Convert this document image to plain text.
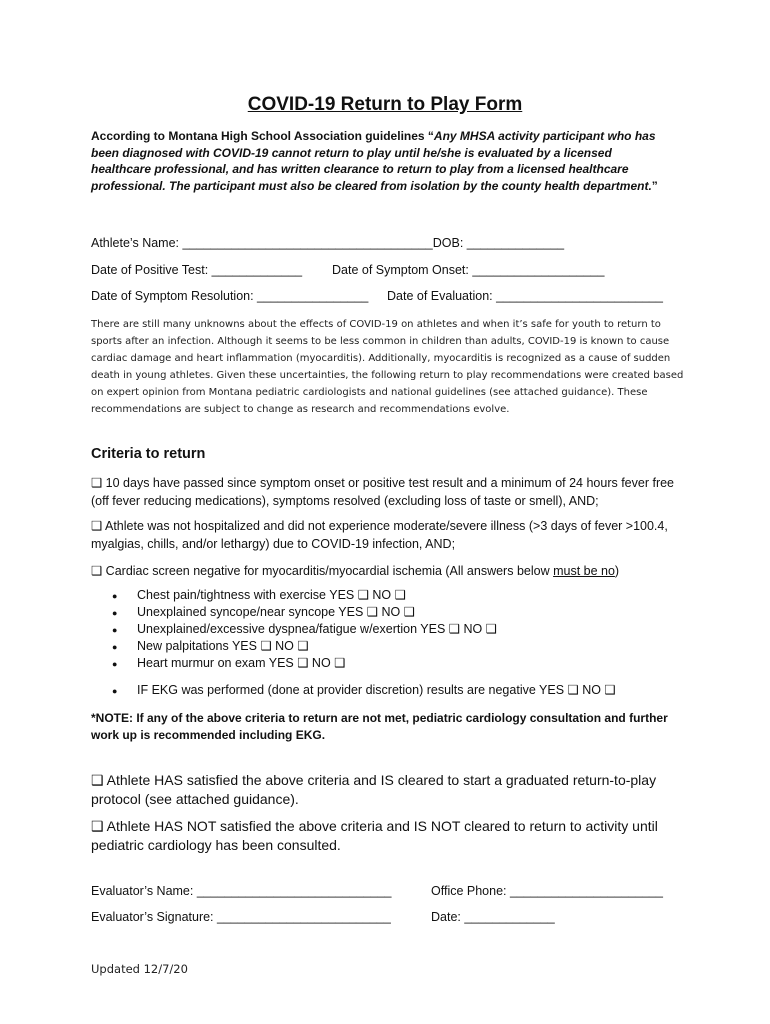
COVID-19 Return to Play Form
According to Montana High School Association guidelines “Any MHSA activity participant who has been diagnosed with COVID-19 cannot return to play until he/she is evaluated by a licensed healthcare professional, and has written clearance to return to play from a licensed healthcare professional. The participant must also be cleared from isolation by the county health department.”
Athlete’s Name: ____________________________________DOB: ______________
Date of Positive Test: _____________ Date of Symptom Onset: ___________________
Date of Symptom Resolution: ________________ Date of Evaluation: ________________________
There are still many unknowns about the effects of COVID-19 on athletes and when it’s safe for youth to return to sports after an infection. Although it seems to be less common in children than adults, COVID-19 is known to cause cardiac damage and heart inflammation (myocarditis). Additionally, myocarditis is recognized as a cause of sudden death in young athletes. Given these uncertainties, the following return to play recommendations were created based on expert opinion from Montana pediatric cardiologists and national guidelines (see attached guidance). These recommendations are subject to change as research and recommendations evolve.
Criteria to return
❑ 10 days have passed since symptom onset or positive test result and a minimum of 24 hours fever free (off fever reducing medications), symptoms resolved (excluding loss of taste or smell), AND;
❑ Athlete was not hospitalized and did not experience moderate/severe illness (>3 days of fever >100.4, myalgias, chills, and/or lethargy) due to COVID-19 infection, AND;
❑ Cardiac screen negative for myocarditis/myocardial ischemia (All answers below must be no)
● Chest pain/tightness with exercise YES ❑ NO ❑
● Unexplained syncope/near syncope YES ❑ NO ❑
● Unexplained/excessive dyspnea/fatigue w/exertion YES ❑ NO ❑
● New palpitations YES ❑ NO ❑
● Heart murmur on exam YES ❑ NO ❑
● IF EKG was performed (done at provider discretion) results are negative YES ❑ NO ❑
*NOTE: If any of the above criteria to return are not met, pediatric cardiology consultation and further work up is recommended including EKG.
❑ Athlete HAS satisfied the above criteria and IS cleared to start a graduated return-to-play protocol (see attached guidance).
❑ Athlete HAS NOT satisfied the above criteria and IS NOT cleared to return to activity until pediatric cardiology has been consulted.
Evaluator’s Name: ____________________________	Office Phone: ______________________
Evaluator’s Signature: _________________________	Date: _____________
Updated 12/7/20
